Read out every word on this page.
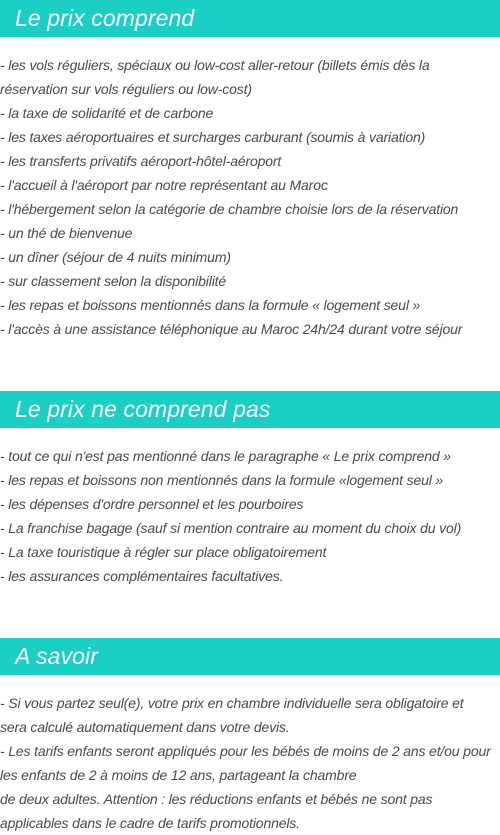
Le prix comprend

- les vols réguliers, spéciaux ou low-cost aller-retour (billets émis dès la

réservation sur vols réguliers ou low-cost)

- la taxe de solidarité et de carbone

- les taxes aéroportuaires et surcharges carburant (soumis à variation)

- les transferts privatifs aéroport-hôtel-aéroport

- l'accueil à l'aéroport par notre représentant au Maroc

- l'hébergement selon la catégorie de chambre choisie lors de la réservation

- un thé de bienvenue

- un dîner (séjour de 4 nuits minimum)

- sur classement selon la disponibilité

- les repas et boissons mentionnés dans la formule « logement seul »

- l'accès à une assistance téléphonique au Maroc 24h/24 durant votre séjour

Le prix ne comprend pas

- tout ce qui n'est pas mentionné dans le paragraphe « Le prix comprend »

- les repas et boissons non mentionnés dans la formule «logement seul »

- les dépenses d'ordre personnel et les pourboires

- La franchise bagage (sauf si mention contraire au moment du choix du vol)

- La taxe touristique à régler sur place obligatoirement

- les assurances complémentaires facultatives.

A savoir

- Si vous partez seul(e), votre prix en chambre individuelle sera obligatoire et

sera calculé automatiquement dans votre devis.

- Les tarifs enfants seront appliqués pour les bébés de moins de 2 ans et/ou pour

les enfants de 2 à moins de 12 ans, partageant la chambre

de deux adultes. Attention : les réductions enfants et bébés ne sont pas

applicables dans le cadre de tarifs promotionnels.
